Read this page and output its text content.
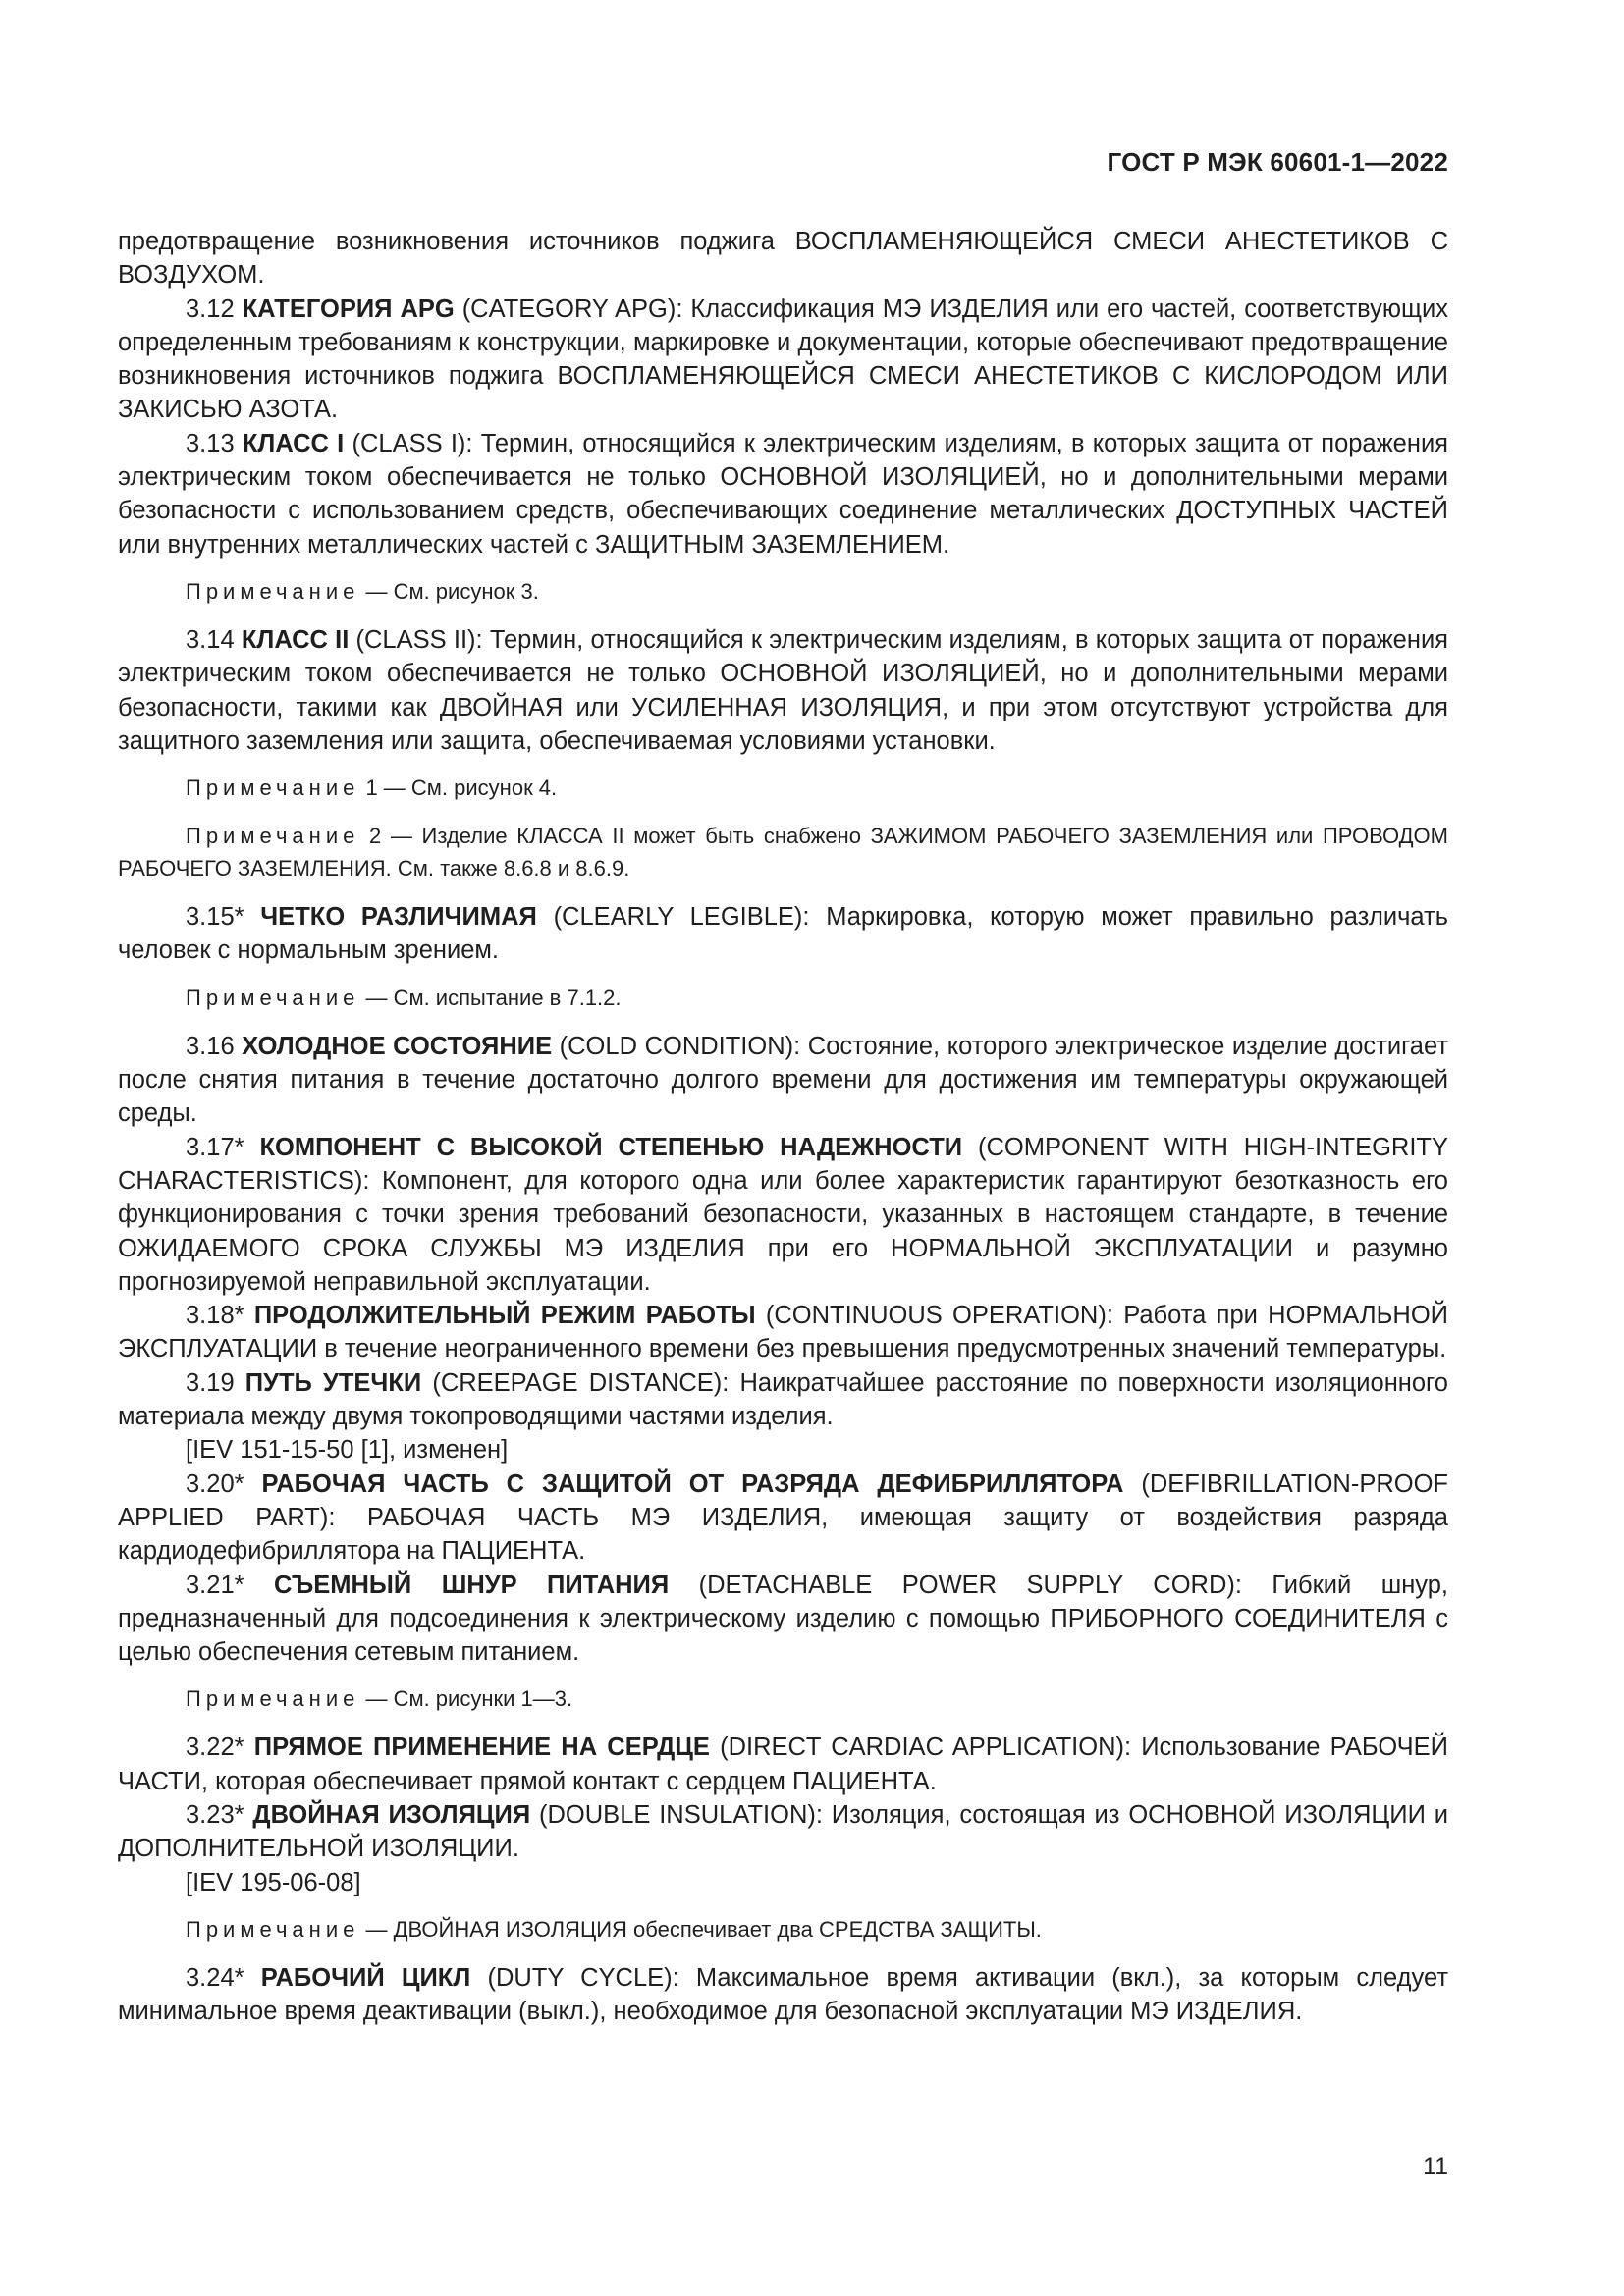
ГОСТ Р МЭК 60601-1—2022

предотвращение возникновения источников поджига ВОСПЛАМЕНЯЮЩЕЙСЯ СМЕСИ АНЕСТЕТИКОВ С ВОЗДУХОМ.

3.12 КАТЕГОРИЯ APG (CATEGORY APG): Классификация МЭ ИЗДЕЛИЯ или его частей, соответствующих определенным требованиям к конструкции, маркировке и документации, которые обеспечивают предотвращение возникновения источников поджига ВОСПЛАМЕНЯЮЩЕЙСЯ СМЕСИ АНЕСТЕТИКОВ С КИСЛОРОДОМ ИЛИ ЗАКИСЬЮ АЗОТА.

3.13 КЛАСС I (CLASS I): Термин, относящийся к электрическим изделиям, в которых защита от поражения электрическим током обеспечивается не только ОСНОВНОЙ ИЗОЛЯЦИЕЙ, но и дополнительными мерами безопасности с использованием средств, обеспечивающих соединение металлических ДОСТУПНЫХ ЧАСТЕЙ или внутренних металлических частей с ЗАЩИТНЫМ ЗАЗЕМЛЕНИЕМ.

Примечание — См. рисунок 3.

3.14 КЛАСС II (CLASS II): Термин, относящийся к электрическим изделиям, в которых защита от поражения электрическим током обеспечивается не только ОСНОВНОЙ ИЗОЛЯЦИЕЙ, но и дополнительными мерами безопасности, такими как ДВОЙНАЯ или УСИЛЕННАЯ ИЗОЛЯЦИЯ, и при этом отсутствуют устройства для защитного заземления или защита, обеспечиваемая условиями установки.

Примечание 1 — См. рисунок 4.

Примечание 2 — Изделие КЛАССА II может быть снабжено ЗАЖИМОМ РАБОЧЕГО ЗАЗЕМЛЕНИЯ или ПРОВОДОМ РАБОЧЕГО ЗАЗЕМЛЕНИЯ. См. также 8.6.8 и 8.6.9.

3.15* ЧЕТКО РАЗЛИЧИМАЯ (CLEARLY LEGIBLE): Маркировка, которую может правильно различать человек с нормальным зрением.

Примечание — См. испытание в 7.1.2.

3.16 ХОЛОДНОЕ СОСТОЯНИЕ (COLD CONDITION): Состояние, которого электрическое изделие достигает после снятия питания в течение достаточно долгого времени для достижения им температуры окружающей среды.

3.17* КОМПОНЕНТ С ВЫСОКОЙ СТЕПЕНЬЮ НАДЕЖНОСТИ (COMPONENT WITH HIGH-INTEGRITY CHARACTERISTICS): Компонент, для которого одна или более характеристик гарантируют безотказность его функционирования с точки зрения требований безопасности, указанных в настоящем стандарте, в течение ОЖИДАЕМОГО СРОКА СЛУЖБЫ МЭ ИЗДЕЛИЯ при его НОРМАЛЬНОЙ ЭКСПЛУАТАЦИИ и разумно прогнозируемой неправильной эксплуатации.

3.18* ПРОДОЛЖИТЕЛЬНЫЙ РЕЖИМ РАБОТЫ (CONTINUOUS OPERATION): Работа при НОРМАЛЬНОЙ ЭКСПЛУАТАЦИИ в течение неограниченного времени без превышения предусмотренных значений температуры.

3.19 ПУТЬ УТЕЧКИ (CREEPAGE DISTANCE): Наикратчайшее расстояние по поверхности изоляционного материала между двумя токопроводящими частями изделия.

[IEV 151-15-50 [1], изменен]

3.20* РАБОЧАЯ ЧАСТЬ С ЗАЩИТОЙ ОТ РАЗРЯДА ДЕФИБРИЛЛЯТОРА (DEFIBRILLATION-PROOF APPLIED PART): РАБОЧАЯ ЧАСТЬ МЭ ИЗДЕЛИЯ, имеющая защиту от воздействия разряда кардиодефибриллятора на ПАЦИЕНТА.

3.21* СЪЕМНЫЙ ШНУР ПИТАНИЯ (DETACHABLE POWER SUPPLY CORD): Гибкий шнур, предназначенный для подсоединения к электрическому изделию с помощью ПРИБОРНОГО СОЕДИНИТЕЛЯ с целью обеспечения сетевым питанием.

Примечание — См. рисунки 1—3.

3.22* ПРЯМОЕ ПРИМЕНЕНИЕ НА СЕРДЦЕ (DIRECT CARDIAC APPLICATION): Использование РАБОЧЕЙ ЧАСТИ, которая обеспечивает прямой контакт с сердцем ПАЦИЕНТА.

3.23* ДВОЙНАЯ ИЗОЛЯЦИЯ (DOUBLE INSULATION): Изоляция, состоящая из ОСНОВНОЙ ИЗОЛЯЦИИ и ДОПОЛНИТЕЛЬНОЙ ИЗОЛЯЦИИ.

[IEV 195-06-08]

Примечание — ДВОЙНАЯ ИЗОЛЯЦИЯ обеспечивает два СРЕДСТВА ЗАЩИТЫ.

3.24* РАБОЧИЙ ЦИКЛ (DUTY CYCLE): Максимальное время активации (вкл.), за которым следует минимальное время деактивации (выкл.), необходимое для безопасной эксплуатации МЭ ИЗДЕЛИЯ.

11
